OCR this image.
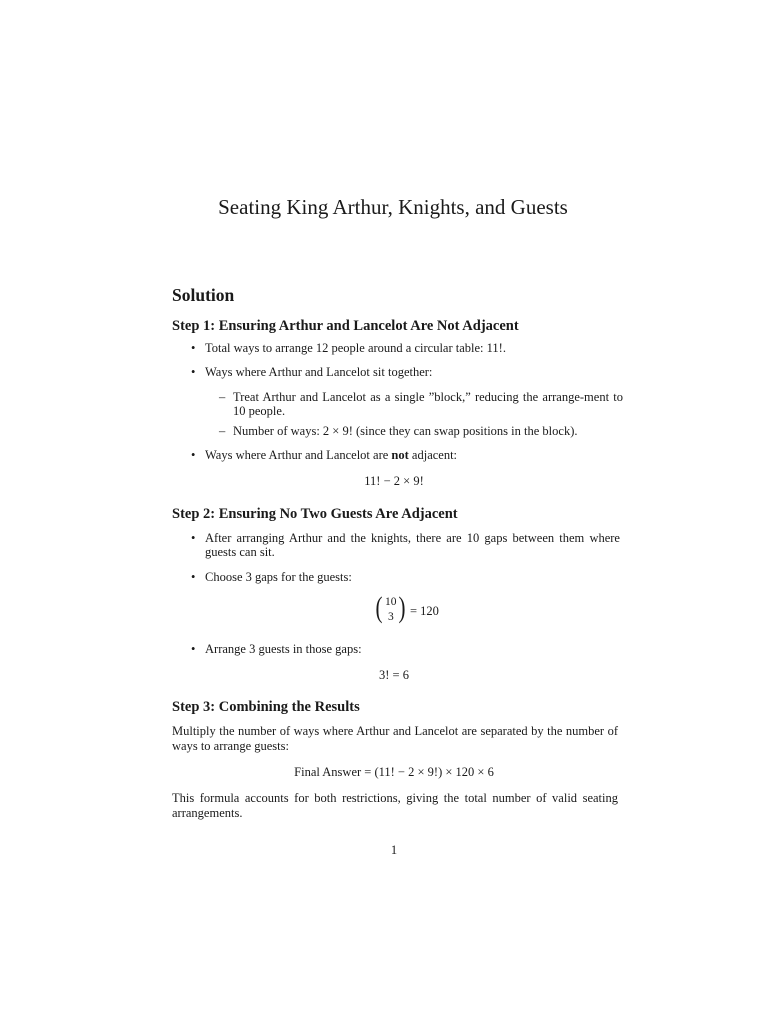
Seating King Arthur, Knights, and Guests
Solution
Step 1: Ensuring Arthur and Lancelot Are Not Adjacent
• Total ways to arrange 12 people around a circular table: 11!.
• Ways where Arthur and Lancelot sit together:
– Treat Arthur and Lancelot as a single ”block,” reducing the arrange-ment to 10 people.
– Number of ways: 2 × 9! (since they can swap positions in the block).
• Ways where Arthur and Lancelot are not adjacent:
11! − 2 × 9!
Step 2: Ensuring No Two Guests Are Adjacent
• After arranging Arthur and the knights, there are 10 gaps between them where guests can sit.
• Choose 3 gaps for the guests:
( 10
3 ) = 120
• Arrange 3 guests in those gaps:
3! = 6
Step 3: Combining the Results
Multiply the number of ways where Arthur and Lancelot are separated by the number of ways to arrange guests:
Final Answer = (11! − 2 × 9!) × 120 × 6
This formula accounts for both restrictions, giving the total number of valid seating arrangements.
1
